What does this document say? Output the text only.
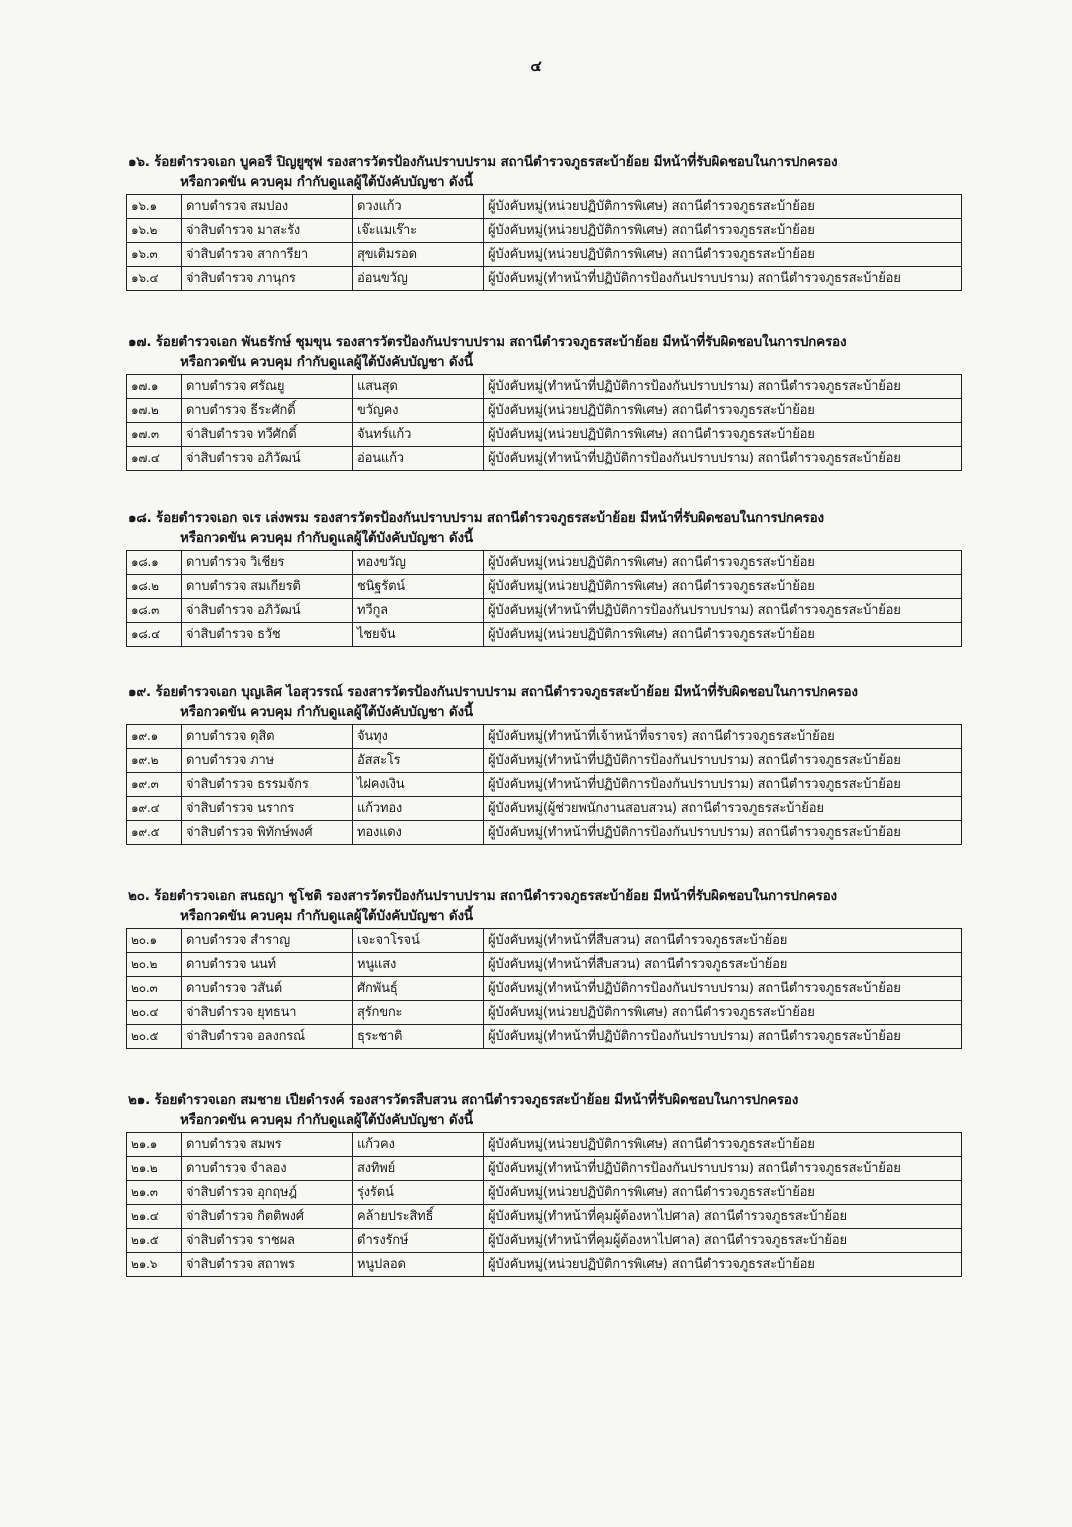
๔
๑๖. ร้อยตำรวจเอก บูคอรี ปิญยูซุฟ รองสารวัตรป้องกันปราบปราม สถานีตำรวจภูธรสะบ้าย้อย มีหน้าที่รับผิดชอบในการปกครอง
หรือกวดขัน ควบคุม กำกับดูแลผู้ใต้บังคับบัญชา ดังนี้
๑๖.๑	ดาบตำรวจ สมปอง	ดวงแก้ว	ผู้บังคับหมู่(หน่วยปฏิบัติการพิเศษ) สถานีตำรวจภูธรสะบ้าย้อย
๑๖.๒	จ่าสิบตำรวจ มาสะรัง	เจ๊ะแมเร๊าะ	ผู้บังคับหมู่(หน่วยปฏิบัติการพิเศษ) สถานีตำรวจภูธรสะบ้าย้อย
๑๖.๓	จ่าสิบตำรวจ สาการียา	สุขเติมรอด	ผู้บังคับหมู่(หน่วยปฏิบัติการพิเศษ) สถานีตำรวจภูธรสะบ้าย้อย
๑๖.๔	จ่าสิบตำรวจ ภานุกร	อ่อนขวัญ	ผู้บังคับหมู่(ทำหน้าที่ปฏิบัติการป้องกันปราบปราม) สถานีตำรวจภูธรสะบ้าย้อย
๑๗. ร้อยตำรวจเอก พันธรักษ์ ชุมขุน รองสารวัตรป้องกันปราบปราม สถานีตำรวจภูธรสะบ้าย้อย มีหน้าที่รับผิดชอบในการปกครอง
หรือกวดขัน ควบคุม กำกับดูแลผู้ใต้บังคับบัญชา ดังนี้
๑๗.๑	ดาบตำรวจ ศรัณยู	แสนสุด	ผู้บังคับหมู่(ทำหน้าที่ปฏิบัติการป้องกันปราบปราม) สถานีตำรวจภูธรสะบ้าย้อย
๑๗.๒	ดาบตำรวจ ธีระศักดิ์	ขวัญคง	ผู้บังคับหมู่(หน่วยปฏิบัติการพิเศษ) สถานีตำรวจภูธรสะบ้าย้อย
๑๗.๓	จ่าสิบตำรวจ ทวีศักดิ์	จันทร์แก้ว	ผู้บังคับหมู่(หน่วยปฏิบัติการพิเศษ) สถานีตำรวจภูธรสะบ้าย้อย
๑๗.๔	จ่าสิบตำรวจ อภิวัฒน์	อ่อนแก้ว	ผู้บังคับหมู่(ทำหน้าที่ปฏิบัติการป้องกันปราบปราม) สถานีตำรวจภูธรสะบ้าย้อย
๑๘. ร้อยตำรวจเอก จเร เล่งพรม รองสารวัตรป้องกันปราบปราม สถานีตำรวจภูธรสะบ้าย้อย มีหน้าที่รับผิดชอบในการปกครอง
หรือกวดขัน ควบคุม กำกับดูแลผู้ใต้บังคับบัญชา ดังนี้
๑๘.๑	ดาบตำรวจ วิเชียร	ทองขวัญ	ผู้บังคับหมู่(หน่วยปฏิบัติการพิเศษ) สถานีตำรวจภูธรสะบ้าย้อย
๑๘.๒	ดาบตำรวจ สมเกียรติ	ชนิฐรัตน์	ผู้บังคับหมู่(หน่วยปฏิบัติการพิเศษ) สถานีตำรวจภูธรสะบ้าย้อย
๑๘.๓	จ่าสิบตำรวจ อภิวัฒน์	ทวีกูล	ผู้บังคับหมู่(ทำหน้าที่ปฏิบัติการป้องกันปราบปราม) สถานีตำรวจภูธรสะบ้าย้อย
๑๘.๔	จ่าสิบตำรวจ ธวัช	ไชยจัน	ผู้บังคับหมู่(หน่วยปฏิบัติการพิเศษ) สถานีตำรวจภูธรสะบ้าย้อย
๑๙. ร้อยตำรวจเอก บุญเลิศ ไอสุวรรณ์ รองสารวัตรป้องกันปราบปราม สถานีตำรวจภูธรสะบ้าย้อย มีหน้าที่รับผิดชอบในการปกครอง
หรือกวดขัน ควบคุม กำกับดูแลผู้ใต้บังคับบัญชา ดังนี้
๑๙.๑	ดาบตำรวจ ดุสิต	จันทุง	ผู้บังคับหมู่(ทำหน้าที่เจ้าหน้าที่จราจร) สถานีตำรวจภูธรสะบ้าย้อย
๑๙.๒	ดาบตำรวจ ภาษ	อัสสะโร	ผู้บังคับหมู่(ทำหน้าที่ปฏิบัติการป้องกันปราบปราม) สถานีตำรวจภูธรสะบ้าย้อย
๑๙.๓	จ่าสิบตำรวจ ธรรมจักร	ไฝคงเงิน	ผู้บังคับหมู่(ทำหน้าที่ปฏิบัติการป้องกันปราบปราม) สถานีตำรวจภูธรสะบ้าย้อย
๑๙.๔	จ่าสิบตำรวจ นรากร	แก้วทอง	ผู้บังคับหมู่(ผู้ช่วยพนักงานสอบสวน) สถานีตำรวจภูธรสะบ้าย้อย
๑๙.๕	จ่าสิบตำรวจ พิทักษ์พงศ์	ทองแดง	ผู้บังคับหมู่(ทำหน้าที่ปฏิบัติการป้องกันปราบปราม) สถานีตำรวจภูธรสะบ้าย้อย
๒๐. ร้อยตำรวจเอก สนธญา ชูโชติ รองสารวัตรป้องกันปราบปราม สถานีตำรวจภูธรสะบ้าย้อย มีหน้าที่รับผิดชอบในการปกครอง
หรือกวดขัน ควบคุม กำกับดูแลผู้ใต้บังคับบัญชา ดังนี้
๒๐.๑	ดาบตำรวจ สำราญ	เจะจาโรจน์	ผู้บังคับหมู่(ทำหน้าที่สืบสวน) สถานีตำรวจภูธรสะบ้าย้อย
๒๐.๒	ดาบตำรวจ นนท์	หนูแสง	ผู้บังคับหมู่(ทำหน้าที่สืบสวน) สถานีตำรวจภูธรสะบ้าย้อย
๒๐.๓	ดาบตำรวจ วสันต์	ศักพันธุ์	ผู้บังคับหมู่(ทำหน้าที่ปฏิบัติการป้องกันปราบปราม) สถานีตำรวจภูธรสะบ้าย้อย
๒๐.๔	จ่าสิบตำรวจ ยุทธนา	สุรักขกะ	ผู้บังคับหมู่(หน่วยปฏิบัติการพิเศษ) สถานีตำรวจภูธรสะบ้าย้อย
๒๐.๕	จ่าสิบตำรวจ อลงกรณ์	ธุระชาติ	ผู้บังคับหมู่(ทำหน้าที่ปฏิบัติการป้องกันปราบปราม) สถานีตำรวจภูธรสะบ้าย้อย
๒๑. ร้อยตำรวจเอก สมชาย เปียดำรงค์ รองสารวัตรสืบสวน สถานีตำรวจภูธรสะบ้าย้อย มีหน้าที่รับผิดชอบในการปกครอง
หรือกวดขัน ควบคุม กำกับดูแลผู้ใต้บังคับบัญชา ดังนี้
๒๑.๑	ดาบตำรวจ สมพร	แก้วคง	ผู้บังคับหมู่(หน่วยปฏิบัติการพิเศษ) สถานีตำรวจภูธรสะบ้าย้อย
๒๑.๒	ดาบตำรวจ จำลอง	สงทิพย์	ผู้บังคับหมู่(ทำหน้าที่ปฏิบัติการป้องกันปราบปราม) สถานีตำรวจภูธรสะบ้าย้อย
๒๑.๓	จ่าสิบตำรวจ อุกฤษฎ์	รุ่งรัตน์	ผู้บังคับหมู่(หน่วยปฏิบัติการพิเศษ) สถานีตำรวจภูธรสะบ้าย้อย
๒๑.๔	จ่าสิบตำรวจ กิตติพงศ์	คล้ายประสิทธิ์	ผู้บังคับหมู่(ทำหน้าที่คุมผู้ต้องหาไปศาล) สถานีตำรวจภูธรสะบ้าย้อย
๒๑.๕	จ่าสิบตำรวจ ราชผล	ดำรงรักษ์	ผู้บังคับหมู่(ทำหน้าที่คุมผู้ต้องหาไปศาล) สถานีตำรวจภูธรสะบ้าย้อย
๒๑.๖	จ่าสิบตำรวจ สถาพร	หนูปลอด	ผู้บังคับหมู่(หน่วยปฏิบัติการพิเศษ) สถานีตำรวจภูธรสะบ้าย้อย
